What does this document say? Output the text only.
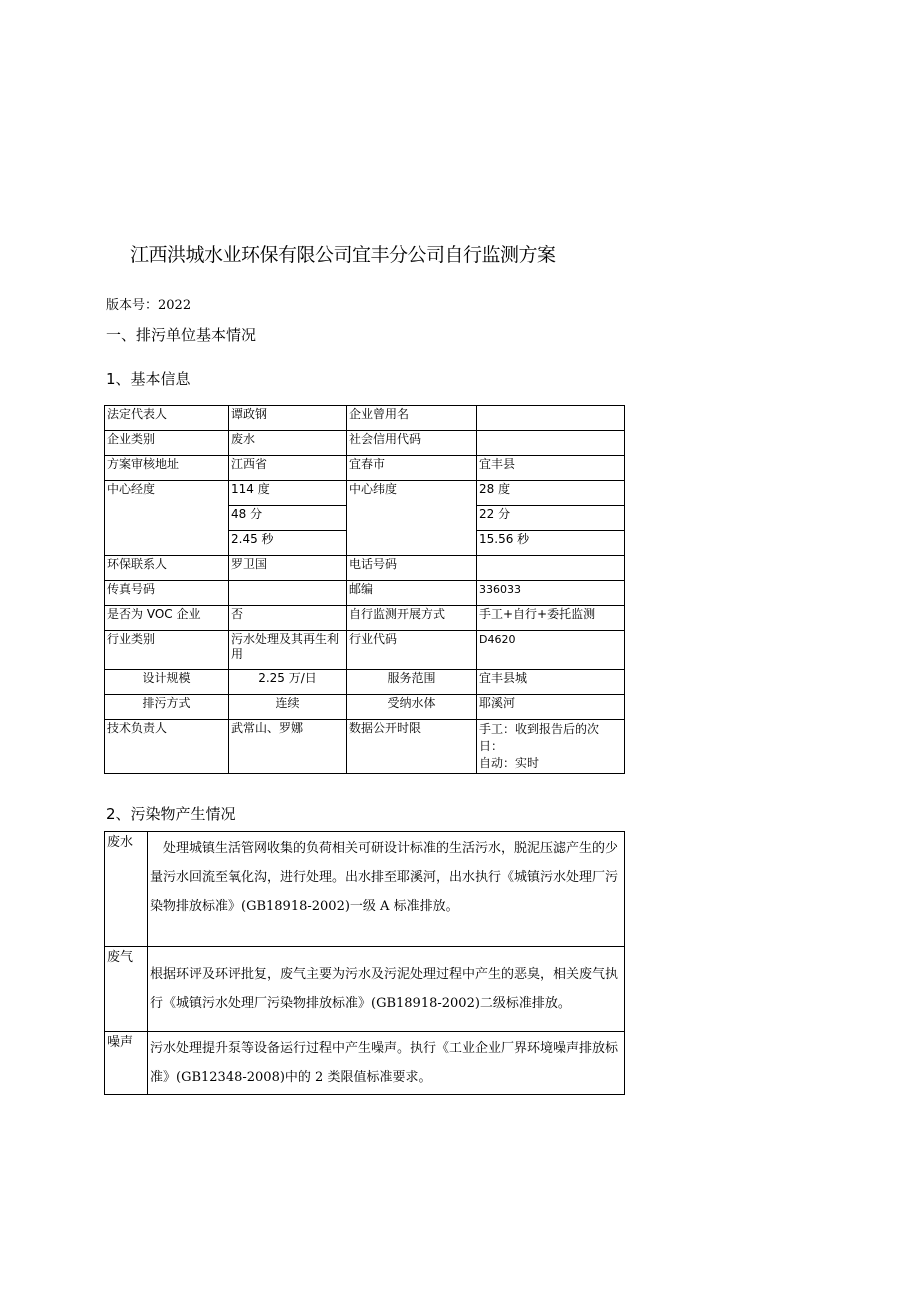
江西洪城水业环保有限公司宜丰分公司自行监测方案
版本号：2022
一、排污单位基本情况
1、基本信息
法定代表人	谭政钢	企业曾用名	
企业类别	废水	社会信用代码	
方案审核地址	江西省	宜春市	宜丰县
中心经度	114 度	中心纬度	28 度
	48 分		22 分
	2.45 秒		15.56 秒
环保联系人	罗卫国	电话号码	
传真号码		邮编	336033
是否为 VOC 企业	否	自行监测开展方式	手工+自行+委托监测
行业类别	污水处理及其再生利用	行业代码	D4620
设计规模	2.25 万/日	服务范围	宜丰县城
排污方式	连续	受纳水体	耶溪河
技术负责人	武常山、罗娜	数据公开时限	手工：收到报告后的次日：
自动：实时
2、污染物产生情况
废水	处理城镇生活管网收集的负荷相关可研设计标准的生活污水，脱泥压滤产生的少量污水回流至氧化沟，进行处理。出水排至耶溪河，出水执行《城镇污水处理厂污染物排放标准》(GB18918-2002)一级 A 标准排放。
废气	根据环评及环评批复，废气主要为污水及污泥处理过程中产生的恶臭，相关废气执行《城镇污水处理厂污染物排放标准》(GB18918-2002)二级标准排放。
噪声	污水处理提升泵等设备运行过程中产生噪声。执行《工业企业厂界环境噪声排放标准》(GB12348-2008)中的 2 类限值标准要求。
